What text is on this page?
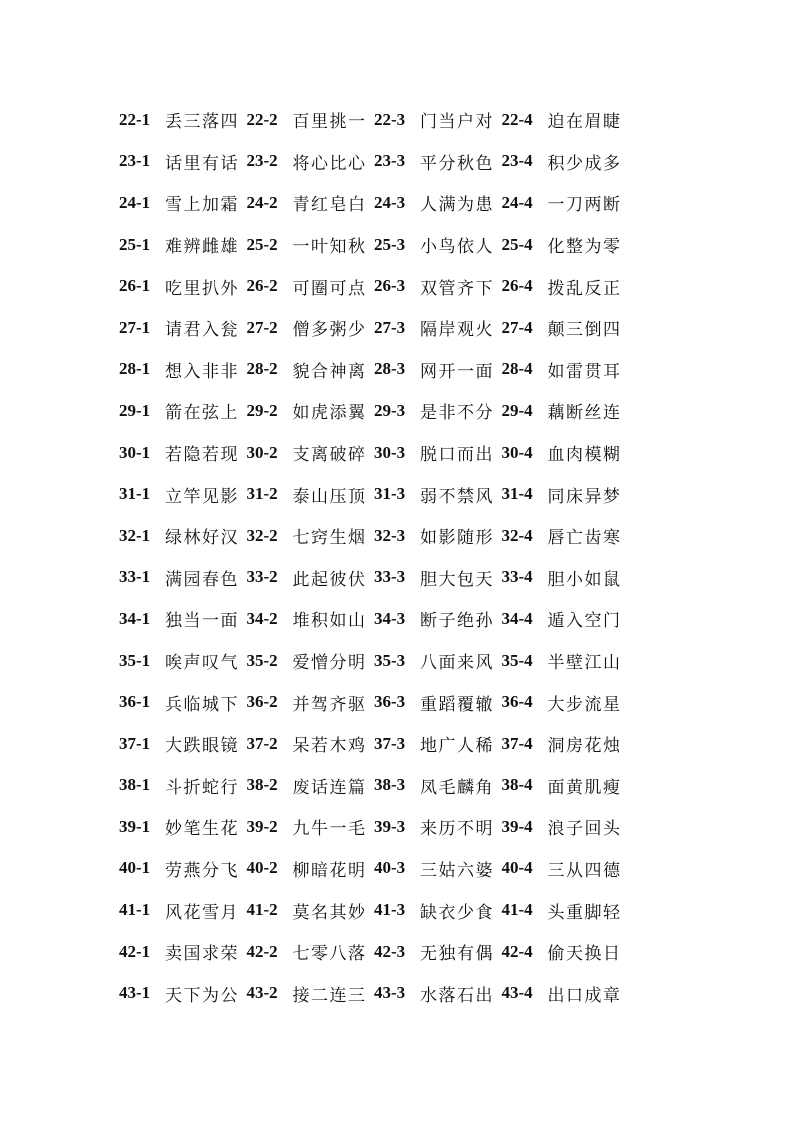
22-1 丢三落四 22-2 百里挑一 22-3 门当户对 22-4 迫在眉睫
23-1 话里有话 23-2 将心比心 23-3 平分秋色 23-4 积少成多
24-1 雪上加霜 24-2 青红皂白 24-3 人满为患 24-4 一刀两断
25-1 难辨雌雄 25-2 一叶知秋 25-3 小鸟依人 25-4 化整为零
26-1 吃里扒外 26-2 可圈可点 26-3 双管齐下 26-4 拨乱反正
27-1 请君入瓮 27-2 僧多粥少 27-3 隔岸观火 27-4 颠三倒四
28-1 想入非非 28-2 貌合神离 28-3 网开一面 28-4 如雷贯耳
29-1 箭在弦上 29-2 如虎添翼 29-3 是非不分 29-4 藕断丝连
30-1 若隐若现 30-2 支离破碎 30-3 脱口而出 30-4 血肉模糊
31-1 立竿见影 31-2 泰山压顶 31-3 弱不禁风 31-4 同床异梦
32-1 绿林好汉 32-2 七窍生烟 32-3 如影随形 32-4 唇亡齿寒
33-1 满园春色 33-2 此起彼伏 33-3 胆大包天 33-4 胆小如鼠
34-1 独当一面 34-2 堆积如山 34-3 断子绝孙 34-4 遁入空门
35-1 唉声叹气 35-2 爱憎分明 35-3 八面来风 35-4 半壁江山
36-1 兵临城下 36-2 并驾齐驱 36-3 重蹈覆辙 36-4 大步流星
37-1 大跌眼镜 37-2 呆若木鸡 37-3 地广人稀 37-4 洞房花烛
38-1 斗折蛇行 38-2 废话连篇 38-3 凤毛麟角 38-4 面黄肌瘦
39-1 妙笔生花 39-2 九牛一毛 39-3 来历不明 39-4 浪子回头
40-1 劳燕分飞 40-2 柳暗花明 40-3 三姑六婆 40-4 三从四德
41-1 风花雪月 41-2 莫名其妙 41-3 缺衣少食 41-4 头重脚轻
42-1 卖国求荣 42-2 七零八落 42-3 无独有偶 42-4 偷天换日
43-1 天下为公 43-2 接二连三 43-3 水落石出 43-4 出口成章
